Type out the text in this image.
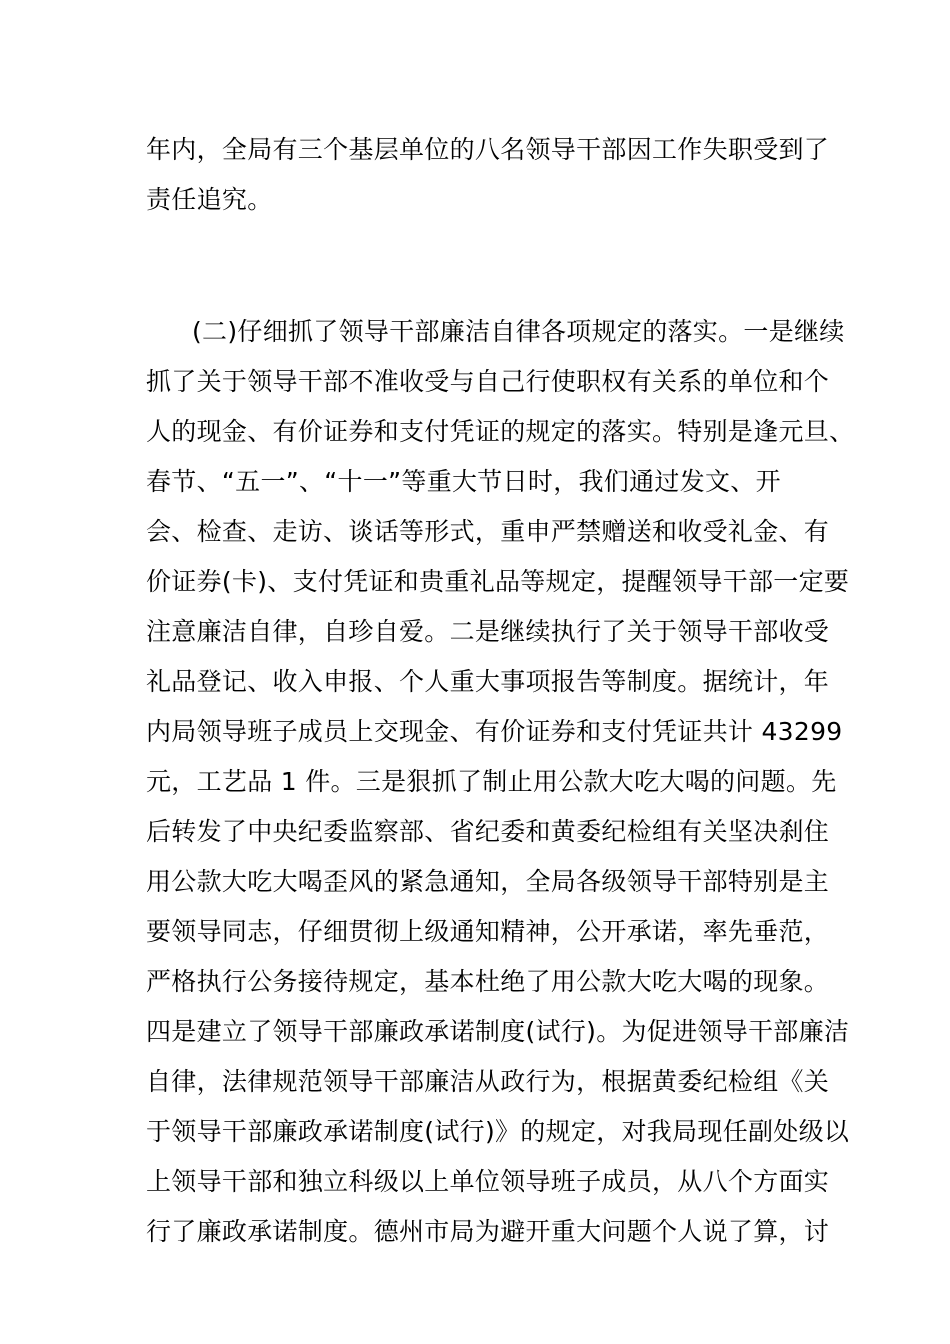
年内，全局有三个基层单位的八名领导干部因工作失职受到了
责任追究。
(二)仔细抓了领导干部廉洁自律各项规定的落实。一是继续
抓了关于领导干部不准收受与自己行使职权有关系的单位和个
人的现金、有价证券和支付凭证的规定的落实。特别是逢元旦、
春节、“五一”、“十一”等重大节日时，我们通过发文、开
会、检查、走访、谈话等形式，重申严禁赠送和收受礼金、有
价证券(卡)、支付凭证和贵重礼品等规定，提醒领导干部一定要
注意廉洁自律，自珍自爱。二是继续执行了关于领导干部收受
礼品登记、收入申报、个人重大事项报告等制度。据统计，年
内局领导班子成员上交现金、有价证券和支付凭证共计 43299
元，工艺品 1 件。三是狠抓了制止用公款大吃大喝的问题。先
后转发了中央纪委监察部、省纪委和黄委纪检组有关坚决刹住
用公款大吃大喝歪风的紧急通知，全局各级领导干部特别是主
要领导同志，仔细贯彻上级通知精神，公开承诺，率先垂范，
严格执行公务接待规定，基本杜绝了用公款大吃大喝的现象。
四是建立了领导干部廉政承诺制度(试行)。为促进领导干部廉洁
自律，法律规范领导干部廉洁从政行为，根据黄委纪检组《关
于领导干部廉政承诺制度(试行)》的规定，对我局现任副处级以
上领导干部和独立科级以上单位领导班子成员，从八个方面实
行了廉政承诺制度。德州市局为避开重大问题个人说了算，讨
